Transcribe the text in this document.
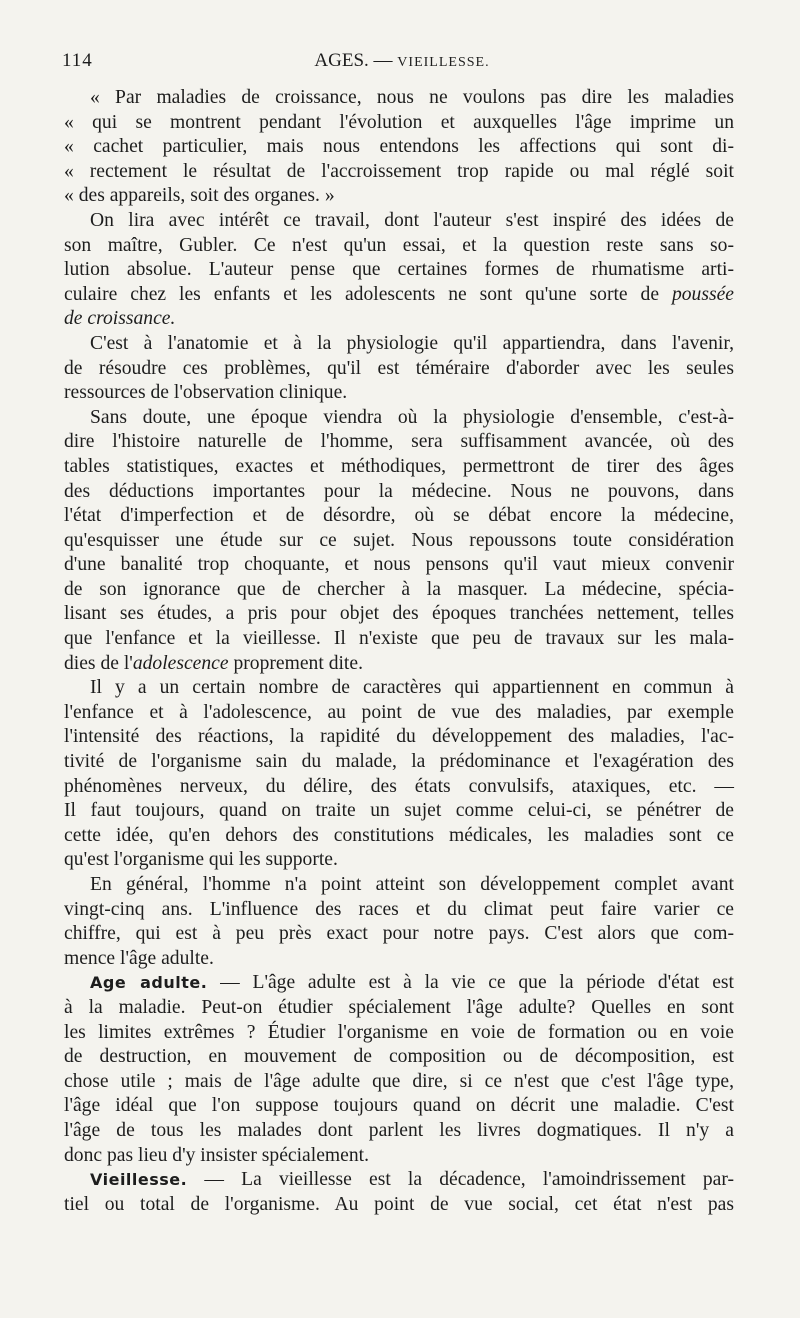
114	AGES. — VIEILLESSE.
« Par maladies de croissance, nous ne voulons pas dire les maladies
« qui se montrent pendant l'évolution et auxquelles l'âge imprime un
« cachet particulier, mais nous entendons les affections qui sont di-
« rectement le résultat de l'accroissement trop rapide ou mal réglé soit
« des appareils, soit des organes. »
On lira avec intérêt ce travail, dont l'auteur s'est inspiré des idées de
son maître, Gubler. Ce n'est qu'un essai, et la question reste sans so-
lution absolue. L'auteur pense que certaines formes de rhumatisme arti-
culaire chez les enfants et les adolescents ne sont qu'une sorte de poussée
de croissance.
C'est à l'anatomie et à la physiologie qu'il appartiendra, dans l'avenir,
de résoudre ces problèmes, qu'il est téméraire d'aborder avec les seules
ressources de l'observation clinique.
Sans doute, une époque viendra où la physiologie d'ensemble, c'est-à-
dire l'histoire naturelle de l'homme, sera suffisamment avancée, où des
tables statistiques, exactes et méthodiques, permettront de tirer des âges
des déductions importantes pour la médecine. Nous ne pouvons, dans
l'état d'imperfection et de désordre, où se débat encore la médecine,
qu'esquisser une étude sur ce sujet. Nous repoussons toute considération
d'une banalité trop choquante, et nous pensons qu'il vaut mieux convenir
de son ignorance que de chercher à la masquer. La médecine, spécia-
lisant ses études, a pris pour objet des époques tranchées nettement, telles
que l'enfance et la vieillesse. Il n'existe que peu de travaux sur les mala-
dies de l'adolescence proprement dite.
Il y a un certain nombre de caractères qui appartiennent en commun à
l'enfance et à l'adolescence, au point de vue des maladies, par exemple
l'intensité des réactions, la rapidité du développement des maladies, l'ac-
tivité de l'organisme sain du malade, la prédominance et l'exagération des
phénomènes nerveux, du délire, des états convulsifs, ataxiques, etc. —
Il faut toujours, quand on traite un sujet comme celui-ci, se pénétrer de
cette idée, qu'en dehors des constitutions médicales, les maladies sont ce
qu'est l'organisme qui les supporte.
En général, l'homme n'a point atteint son développement complet avant
vingt-cinq ans. L'influence des races et du climat peut faire varier ce
chiffre, qui est à peu près exact pour notre pays. C'est alors que com-
mence l'âge adulte.
Age adulte. — L'âge adulte est à la vie ce que la période d'état est
à la maladie. Peut-on étudier spécialement l'âge adulte? Quelles en sont
les limites extrêmes ? Étudier l'organisme en voie de formation ou en voie
de destruction, en mouvement de composition ou de décomposition, est
chose utile ; mais de l'âge adulte que dire, si ce n'est que c'est l'âge type,
l'âge idéal que l'on suppose toujours quand on décrit une maladie. C'est
l'âge de tous les malades dont parlent les livres dogmatiques. Il n'y a
donc pas lieu d'y insister spécialement.
Vieillesse. — La vieillesse est la décadence, l'amoindrissement par-
tiel ou total de l'organisme. Au point de vue social, cet état n'est pas
